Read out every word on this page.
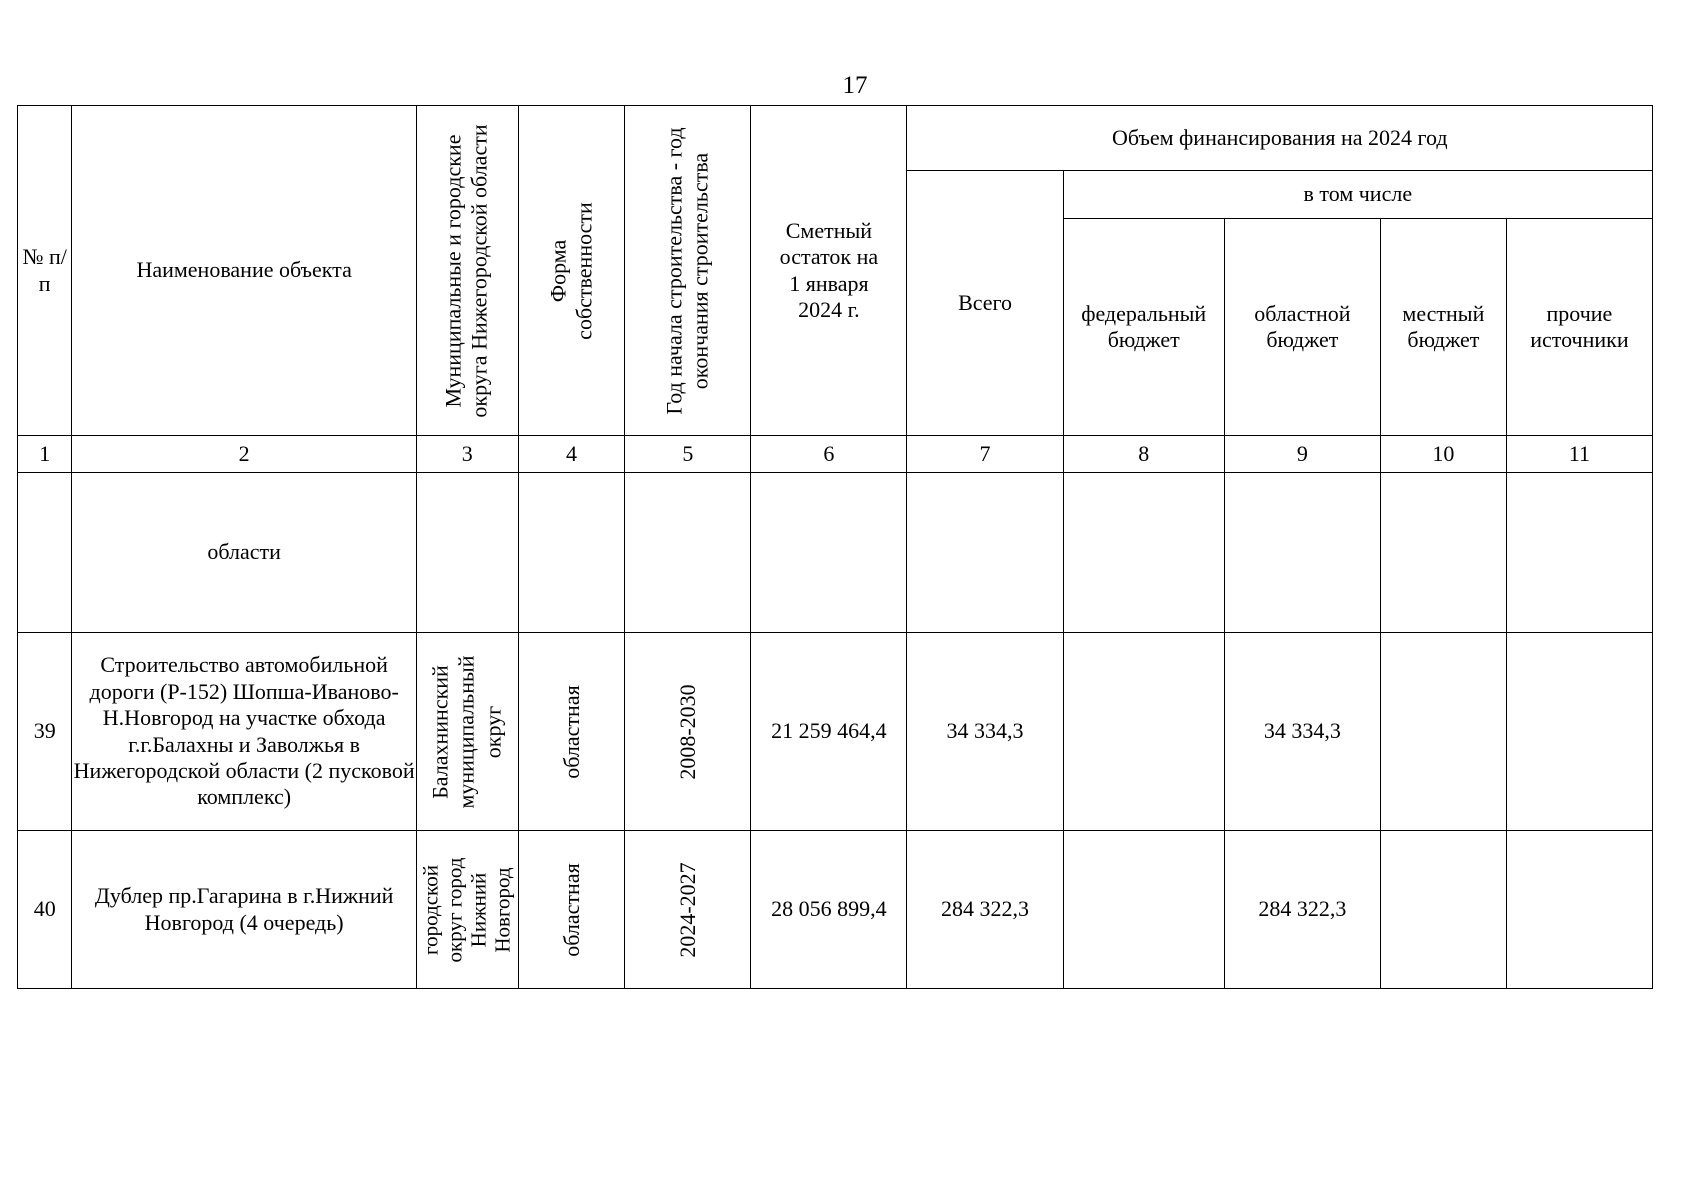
17
№ п/п	Наименование объекта	Муниципальные и городские округа Нижегородской области	Форма собственности	Год начала строительства - год окончания строительства	Сметный остаток на 1 января 2024 г.	Объем финансирования на 2024 год				
						Всего	в том числе			

							федеральный бюджет	областной бюджет	местный бюджет	прочие источники

1	2	3	4	5	6	7	8	9	10	11
	области									
39	Строительство автомобильной дороги (Р-152) Шопша-Иваново-Н.Новгород на участке обхода г.г.Балахны и Заволжья в Нижегородской области (2 пусковой комплекс)	Балахнинский муниципальный округ	областная	2008-2030	21 259 464,4	34 334,3		34 334,3		
40	Дублер пр.Гагарина в г.Нижний Новгород (4 очередь)	городской округ город Нижний Новгород	областная	2024-2027	28 056 899,4	284 322,3		284 322,3		
